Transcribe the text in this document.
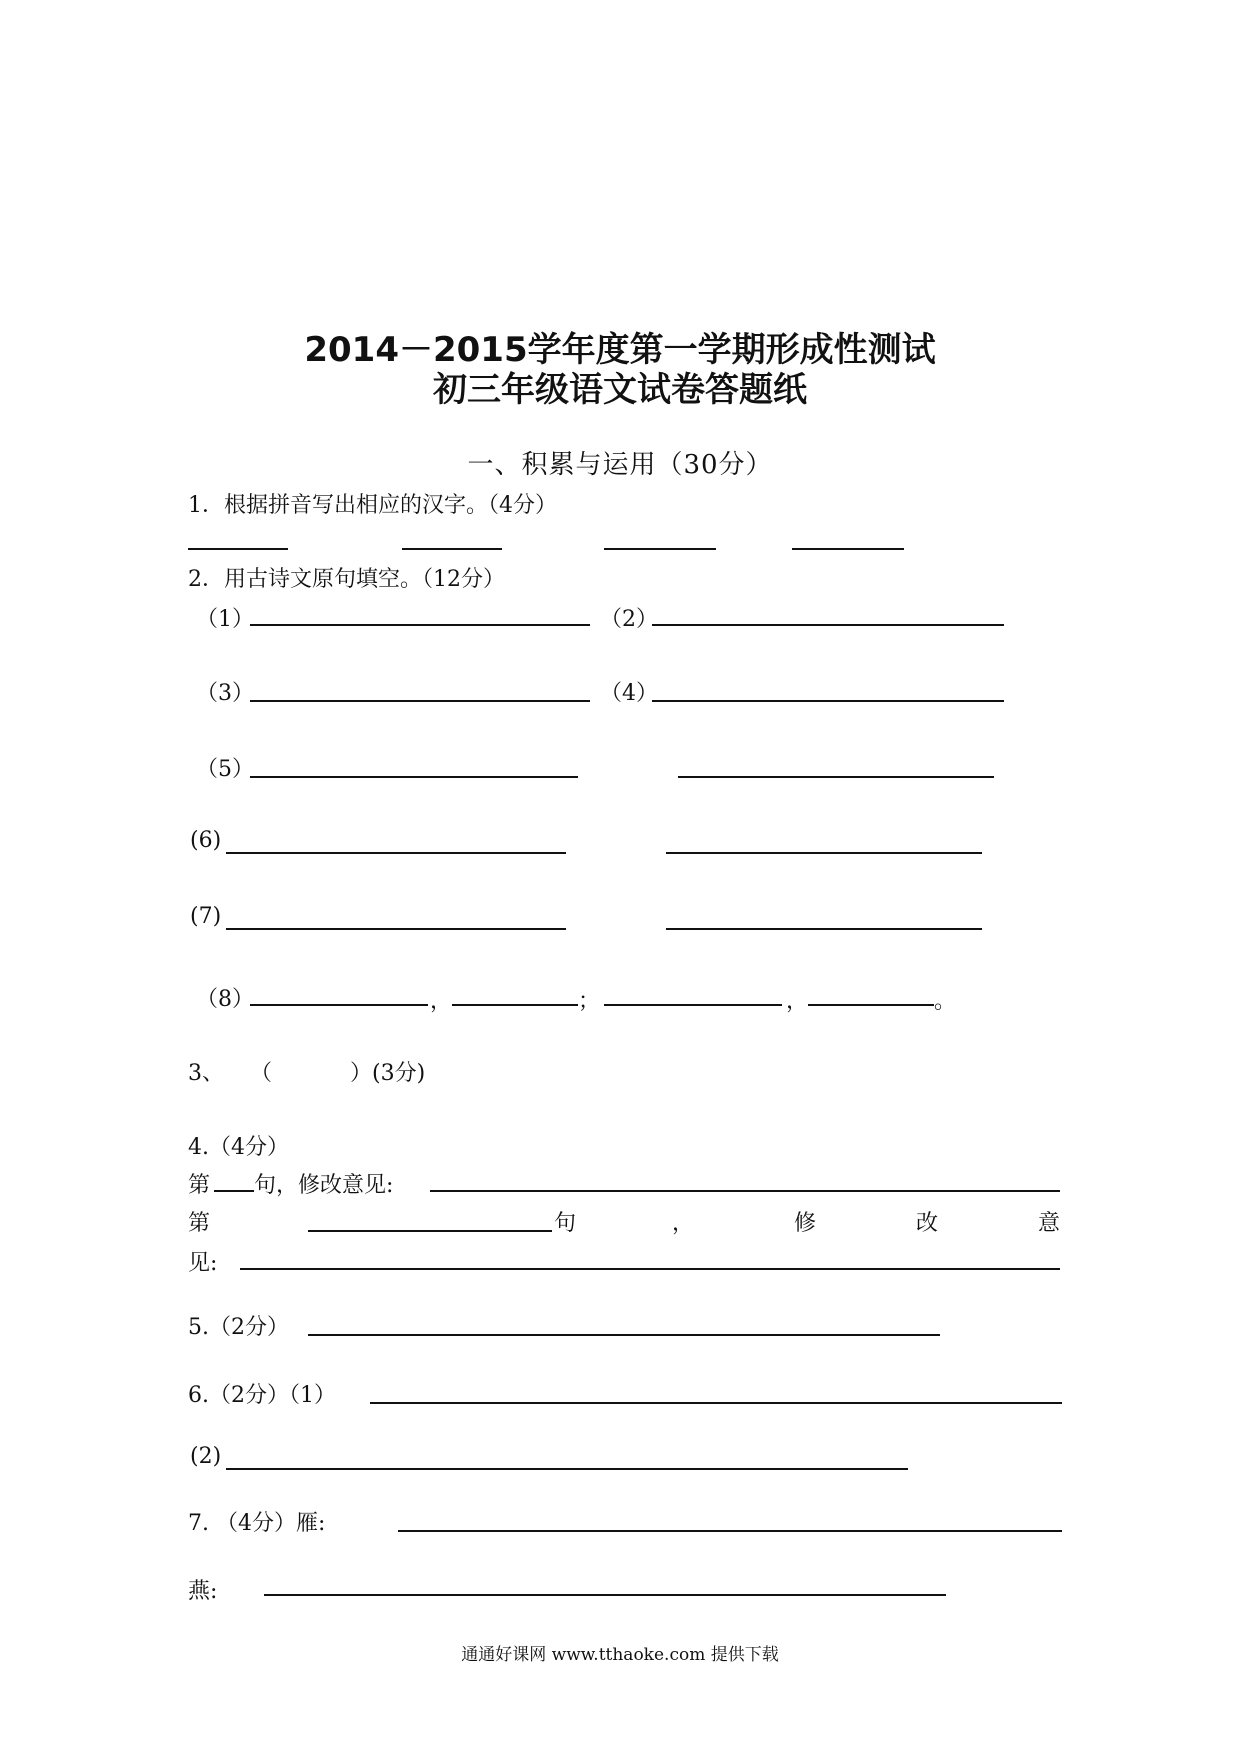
2014－2015学年度第一学期形成性测试
初三年级语文试卷答题纸
一、积累与运用（30分）
1．根据拼音写出相应的汉字。（4分）
2．用古诗文原句填空。（12分）
（1）	（2）
（3）	（4）
（5）
(6)
(7)
（8）	，	；	，	。
3、 （	）(3分)
4.（4分）
第 句，修改意见:
第	句	，	修	改	意
见:
5.（2分）
6.（2分）（1）
(2)
7. （4分）雁:
燕:
通通好课网 www.tthaoke.com 提供下载
